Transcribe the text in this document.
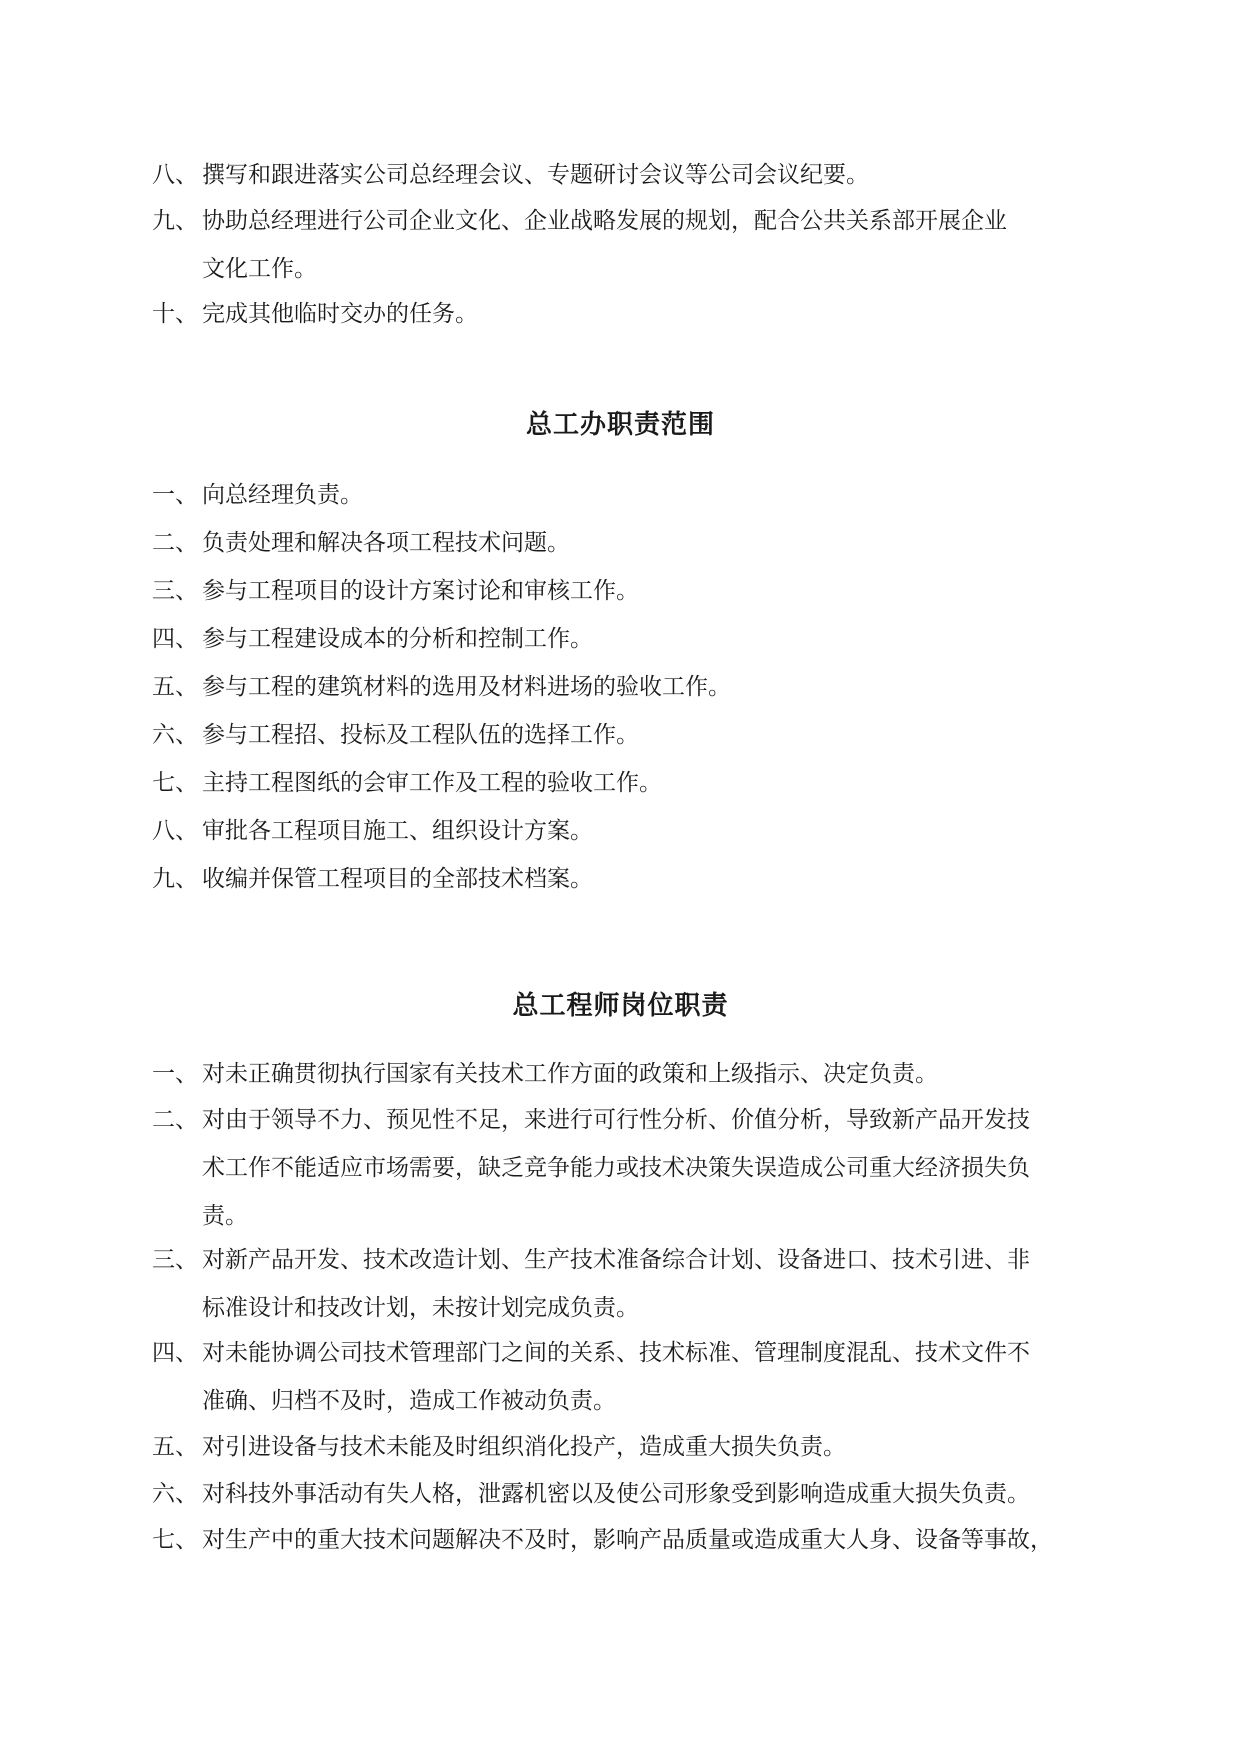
八、 撰写和跟进落实公司总经理会议、专题研讨会议等公司会议纪要。
九、 协助总经理进行公司企业文化、企业战略发展的规划，配合公共关系部开展企业
文化工作。
十、 完成其他临时交办的任务。
总工办职责范围
一、 向总经理负责。
二、 负责处理和解决各项工程技术问题。
三、 参与工程项目的设计方案讨论和审核工作。
四、 参与工程建设成本的分析和控制工作。
五、 参与工程的建筑材料的选用及材料进场的验收工作。
六、 参与工程招、投标及工程队伍的选择工作。
七、 主持工程图纸的会审工作及工程的验收工作。
八、 审批各工程项目施工、组织设计方案。
九、 收编并保管工程项目的全部技术档案。
总工程师岗位职责
一、 对未正确贯彻执行国家有关技术工作方面的政策和上级指示、决定负责。
二、 对由于领导不力、预见性不足，来进行可行性分析、价值分析，导致新产品开发技
术工作不能适应市场需要，缺乏竞争能力或技术决策失误造成公司重大经济损失负
责。
三、 对新产品开发、技术改造计划、生产技术准备综合计划、设备进口、技术引进、非
标准设计和技改计划，未按计划完成负责。
四、 对未能协调公司技术管理部门之间的关系、技术标准、管理制度混乱、技术文件不
准确、归档不及时，造成工作被动负责。
五、 对引进设备与技术未能及时组织消化投产，造成重大损失负责。
六、 对科技外事活动有失人格，泄露机密以及使公司形象受到影响造成重大损失负责。
七、 对生产中的重大技术问题解决不及时，影响产品质量或造成重大人身、设备等事故，
